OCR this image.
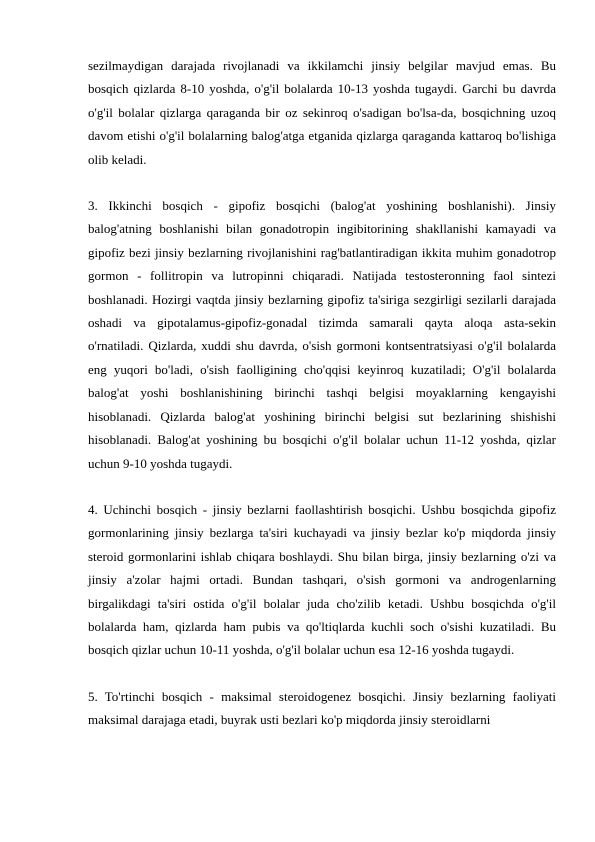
sezilmaydigan darajada rivojlanadi va ikkilamchi jinsiy belgilar mavjud emas. Bu bosqich qizlarda 8-10 yoshda, o'g'il bolalarda 10-13 yoshda tugaydi. Garchi bu davrda o'g'il bolalar qizlarga qaraganda bir oz sekinroq o'sadigan bo'lsa-da, bosqichning uzoq davom etishi o'g'il bolalarning balog'atga etganida qizlarga qaraganda kattaroq bo'lishiga olib keladi.

3. Ikkinchi bosqich - gipofiz bosqichi (balog'at yoshining boshlanishi). Jinsiy balog'atning boshlanishi bilan gonadotropin ingibitorining shakllanishi kamayadi va gipofiz bezi jinsiy bezlarning rivojlanishini rag'batlantiradigan ikkita muhim gonadotrop gormon - follitropin va lutropinni chiqaradi. Natijada testosteronning faol sintezi boshlanadi. Hozirgi vaqtda jinsiy bezlarning gipofiz ta'siriga sezgirligi sezilarli darajada oshadi va gipotalamus-gipofiz-gonadal tizimda samarali qayta aloqa asta-sekin o'rnatiladi. Qizlarda, xuddi shu davrda, o'sish gormoni kontsentratsiyasi o'g'il bolalarda eng yuqori bo'ladi, o'sish faolligining cho'qqisi keyinroq kuzatiladi; O'g'il bolalarda balog'at yoshi boshlanishining birinchi tashqi belgisi moyaklarning kengayishi hisoblanadi. Qizlarda balog'at yoshining birinchi belgisi sut bezlarining shishishi hisoblanadi. Balog'at yoshining bu bosqichi o'g'il bolalar uchun 11-12 yoshda, qizlar uchun 9-10 yoshda tugaydi.

4. Uchinchi bosqich - jinsiy bezlarni faollashtirish bosqichi. Ushbu bosqichda gipofiz gormonlarining jinsiy bezlarga ta'siri kuchayadi va jinsiy bezlar ko'p miqdorda jinsiy steroid gormonlarini ishlab chiqara boshlaydi. Shu bilan birga, jinsiy bezlarning o'zi va jinsiy a'zolar hajmi ortadi. Bundan tashqari, o'sish gormoni va androgenlarning birgalikdagi ta'siri ostida o'g'il bolalar juda cho'zilib ketadi. Ushbu bosqichda o'g'il bolalarda ham, qizlarda ham pubis va qo'ltiqlarda kuchli soch o'sishi kuzatiladi. Bu bosqich qizlar uchun 10-11 yoshda, o'g'il bolalar uchun esa 12-16 yoshda tugaydi.

5. To'rtinchi bosqich - maksimal steroidogenez bosqichi. Jinsiy bezlarning faoliyati maksimal darajaga etadi, buyrak usti bezlari ko'p miqdorda jinsiy steroidlarni
